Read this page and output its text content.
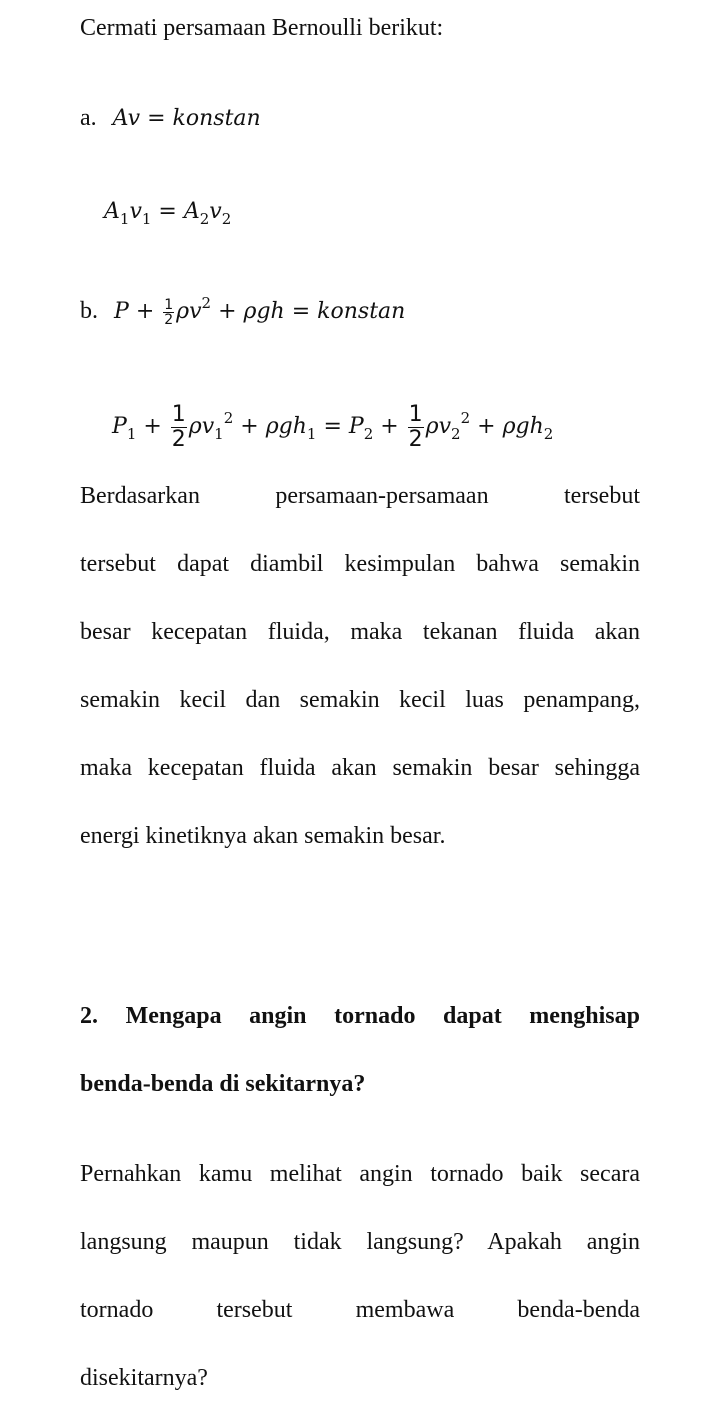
Cermati persamaan Bernoulli berikut:
a. Av = konstan
$A_1v_1 = A_2v_2$
b. $P + \frac{1}{2} \rho v^2 + \rho gh$ = konstan
$P_1 + \frac{1}{2} \rho v_1^2 + \rho gh_1 = P_2 + \frac{1}{2} \rho v_2^2 + \rho gh_2$
Berdasarkan	persamaan-persamaan	tersebut
tersebut dapat diambil kesimpulan bahwa semakin
besar kecepatan fluida, maka tekanan fluida akan
semakin kecil dan semakin kecil luas penampang,
maka kecepatan fluida akan semakin besar sehingga
energi kinetiknya akan semakin besar.
2. Mengapa angin tornado dapat menghisap
benda-benda di sekitarnya?
Pernahkan kamu melihat angin tornado baik secara
langsung maupun tidak langsung? Apakah angin
tornado	tersebut	membawa	benda-benda
disekitarnya?
